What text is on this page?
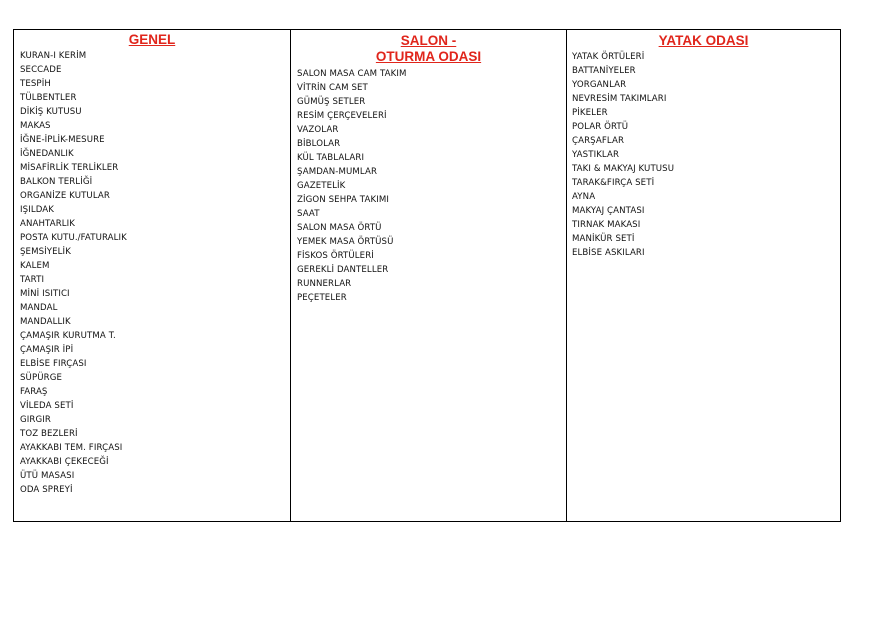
GENEL
KURAN-I KERİM
SECCADE
TESPİH
TÜLBENTLER
DİKİŞ KUTUSU
MAKAS
İĞNE-İPLİK-MESURE
İĞNEDANLIK
MİSAFİRLİK TERLİKLER
BALKON TERLİĞİ
ORGANİZE KUTULAR
IŞILDAK
ANAHTARLIK
POSTA KUTU./FATURALIK
ŞEMSİYELİK
KALEM
TARTI
MİNİ ISITICI
MANDAL
MANDALLIK
ÇAMAŞIR KURUTMA T.
ÇAMAŞIR İPİ
ELBİSE FIRÇASI
SÜPÜRGE
FARAŞ
VİLEDA SETİ
GIRGIR
TOZ BEZLERİ
AYAKKABI TEM. FIRÇASI
AYAKKABI ÇEKECEĞİ
ÜTÜ MASASI
ODA SPREYİ
SALON -
OTURMA ODASI
SALON MASA CAM TAKIM
VİTRİN CAM SET
GÜMÜŞ SETLER
RESİM ÇERÇEVELERİ
VAZOLAR
BİBLOLAR
KÜL TABLALARI
ŞAMDAN-MUMLAR
GAZETELİK
ZİGON SEHPA TAKIMI
SAAT
SALON MASA ÖRTÜ
YEMEK MASA ÖRTÜSÜ
FİSKOS ÖRTÜLERİ
GEREKLİ DANTELLER
RUNNERLAR
PEÇETELER
YATAK ODASI
YATAK ÖRTÜLERİ
BATTANİYELER
YORGANLAR
NEVRESİM TAKIMLARI
PİKELER
POLAR ÖRTÜ
ÇARŞAFLAR
YASTIKLAR
TAKI & MAKYAJ KUTUSU
TARAK&FIRÇA SETİ
AYNA
MAKYAJ ÇANTASI
TIRNAK MAKASI
MANİKÜR SETİ
ELBİSE ASKILARI
